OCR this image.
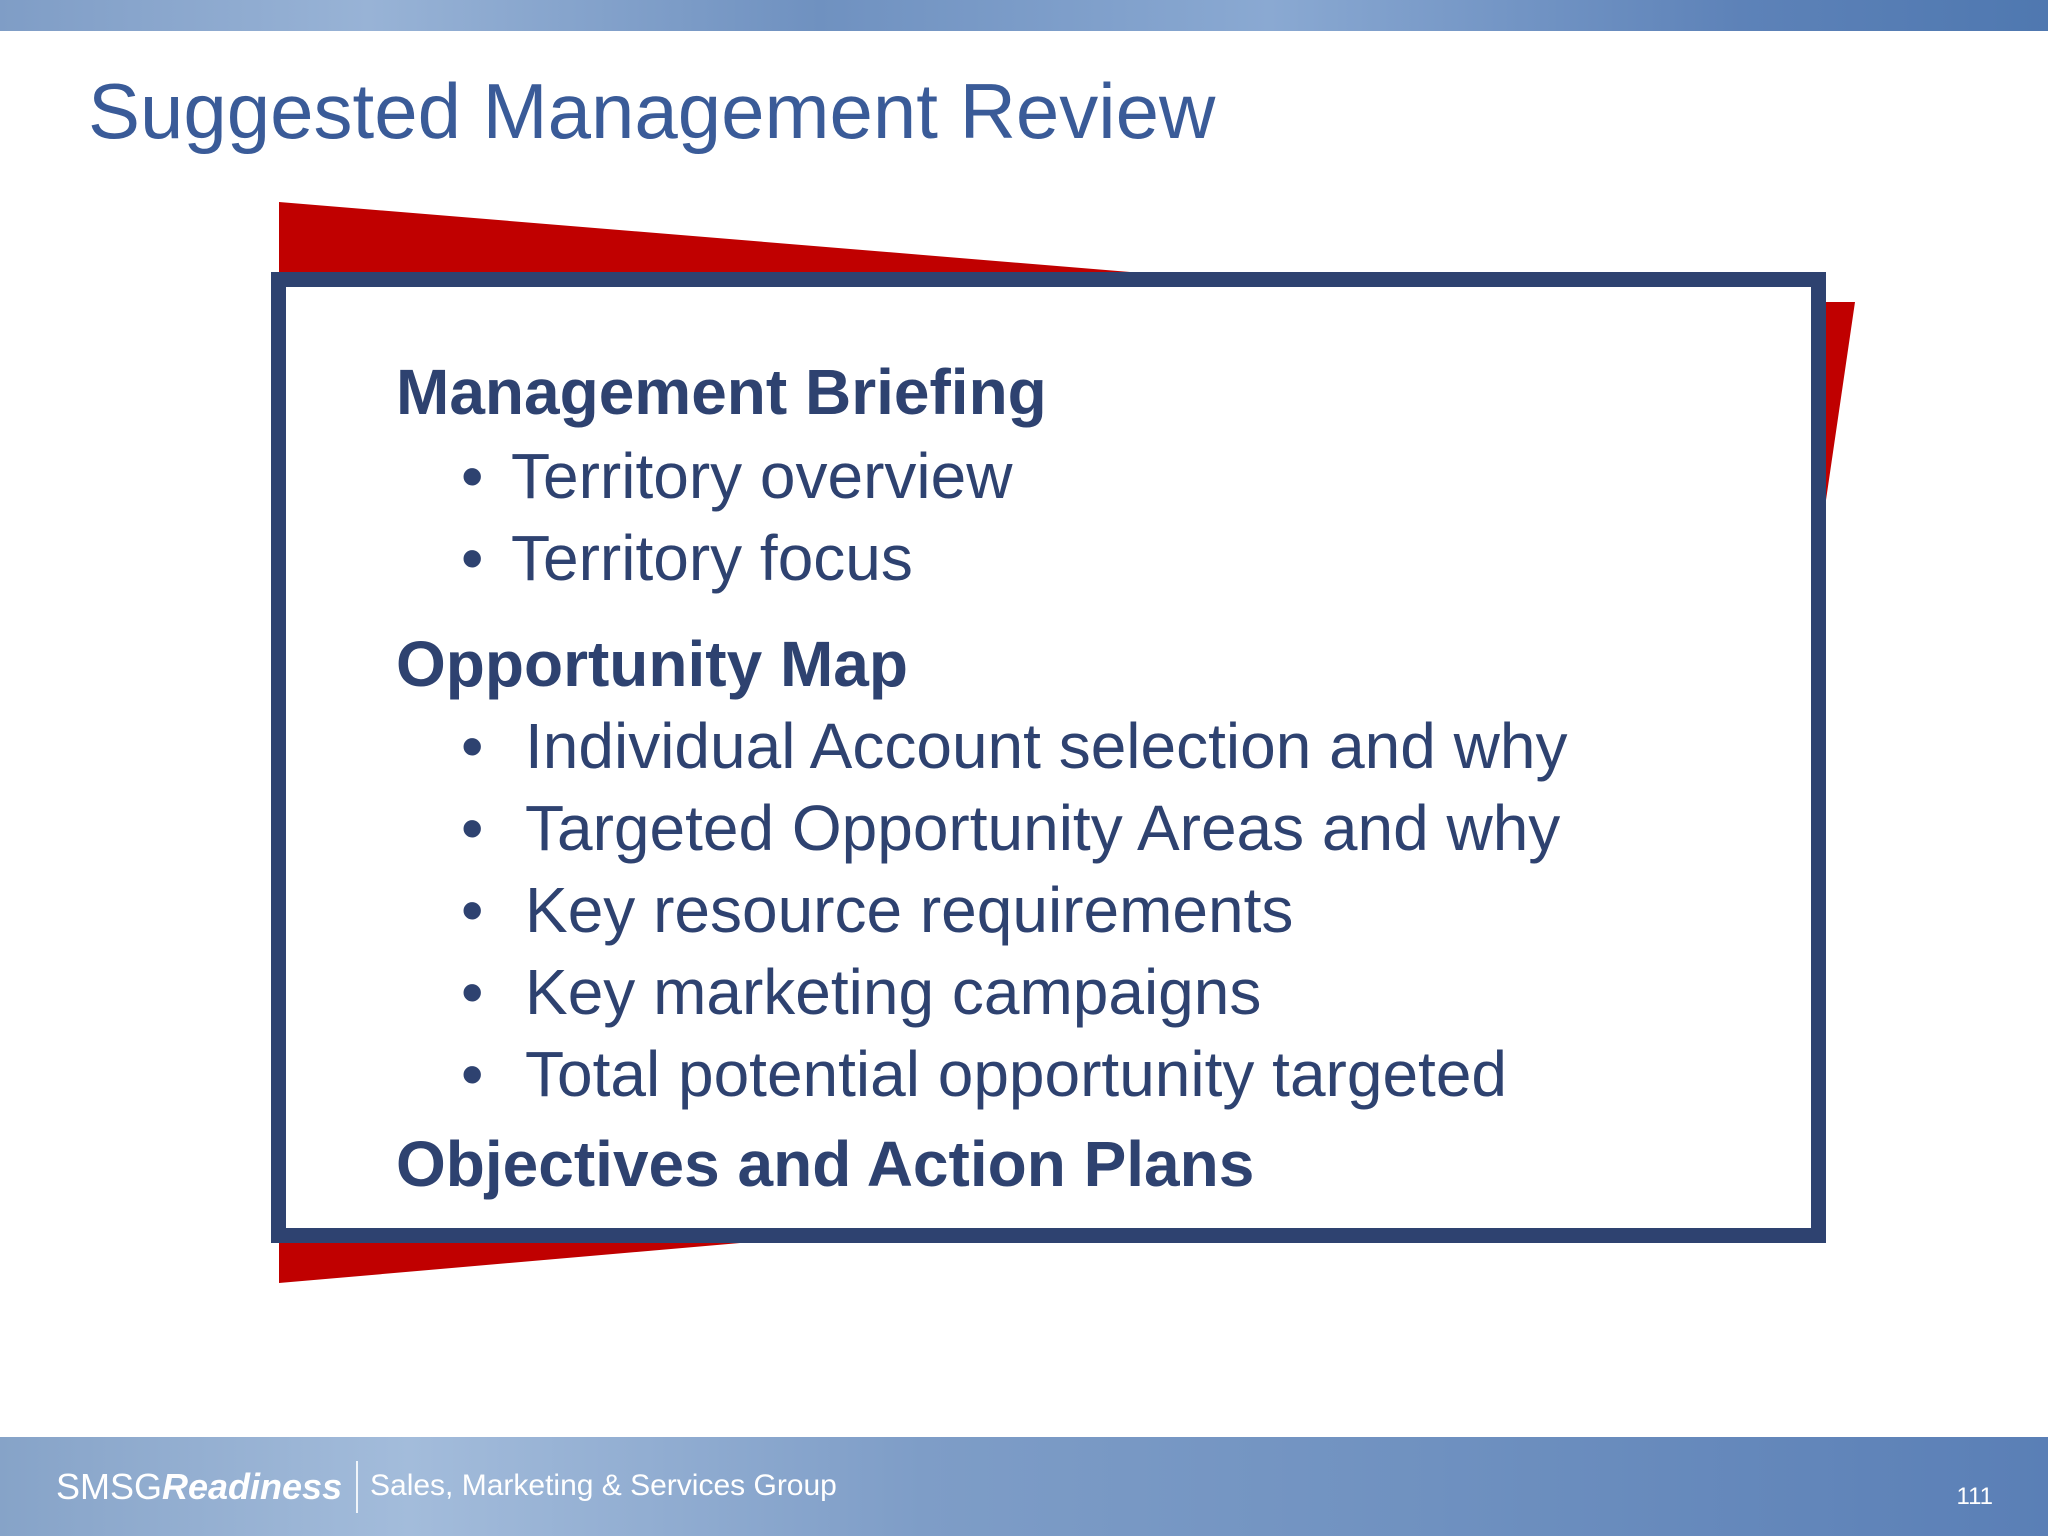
Suggested Management Review
Management Briefing
• Territory overview
• Territory focus
Opportunity Map
• Individual Account selection and why
• Targeted Opportunity Areas and why
• Key resource requirements
• Key marketing campaigns
• Total potential opportunity targeted
Objectives and Action Plans
SMSGReadiness Sales, Marketing & Services Group	111
